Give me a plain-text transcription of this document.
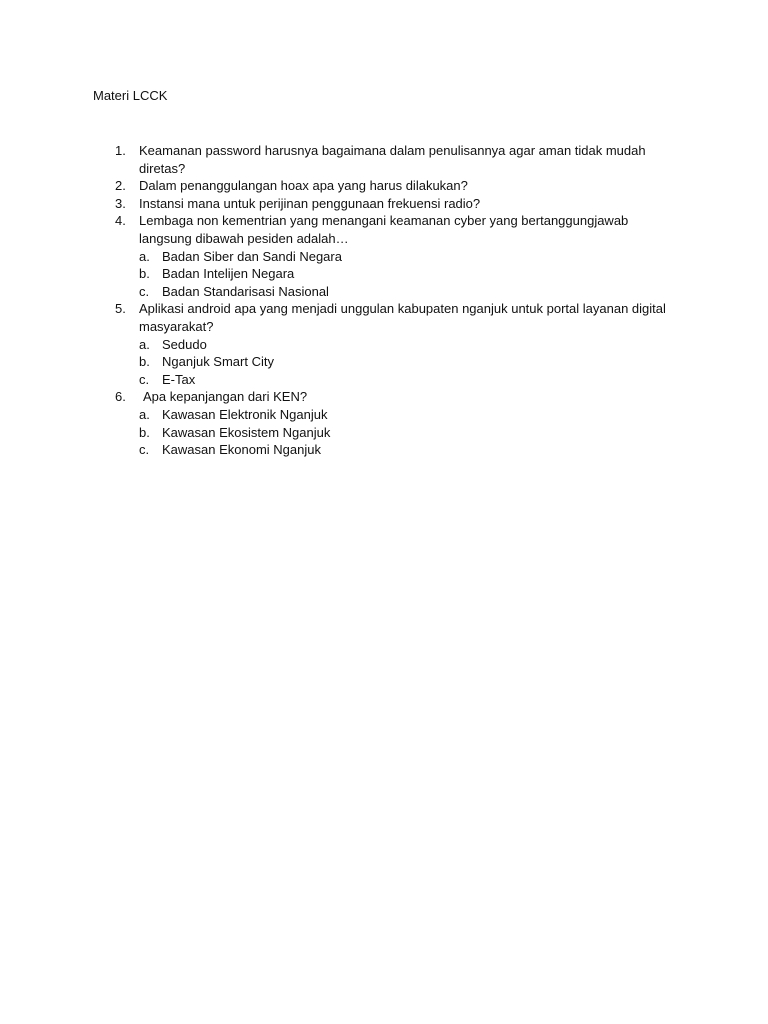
Materi LCCK
1. Keamanan password harusnya bagaimana dalam penulisannya agar aman tidak mudah diretas?
2. Dalam penanggulangan hoax apa yang harus dilakukan?
3. Instansi mana untuk perijinan penggunaan frekuensi radio?
4. Lembaga non kementrian yang menangani keamanan cyber yang bertanggungjawab langsung dibawah pesiden adalah…
a. Badan Siber dan Sandi Negara
b. Badan Intelijen Negara
c. Badan Standarisasi Nasional
5. Aplikasi android apa yang menjadi unggulan kabupaten nganjuk untuk portal layanan digital masyarakat?
a. Sedudo
b. Nganjuk Smart City
c. E-Tax
6. Apa kepanjangan dari KEN?
a. Kawasan Elektronik Nganjuk
b. Kawasan Ekosistem Nganjuk
c. Kawasan Ekonomi Nganjuk
